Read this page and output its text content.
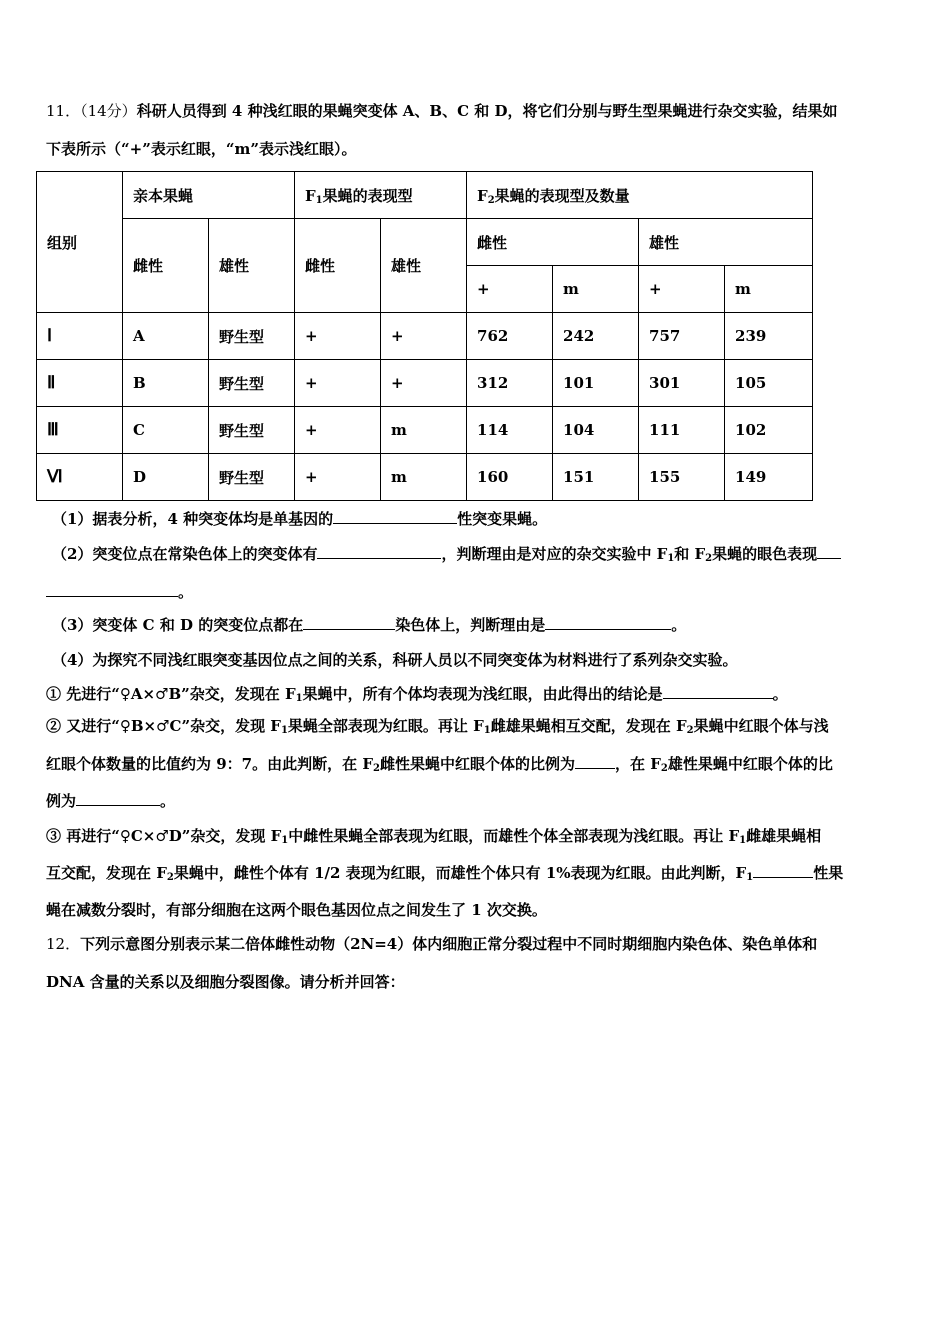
11．（14分）科研人员得到 4 种浅红眼的果蝇突变体 A、B、C 和 D，将它们分别与野生型果蝇进行杂交实验，结果如
下表所示（“+”表示红眼，“m”表示浅红眼）。
组别	亲本果蝇		$F_1$果蝇的表现型		$F_2$果蝇的表现型及数量			
	雌性	雄性	雌性	雄性	雌性		雄性	
					+	m	+	m
Ⅰ	A	野生型	+	+	762	242	757	239
Ⅱ	B	野生型	+	+	312	101	301	105
Ⅲ	C	野生型	+	m	114	104	111	102
Ⅵ	D	野生型	+	m	160	151	155	149
（1）据表分析，4 种突变体均是单基因的	性突变果蝇。
（2）突变位点在常染色体上的突变体有	，判断理由是对应的杂交实验中 $F_1$和 $F_2$果蝇的眼色表现
。
（3）突变体 C 和 D 的突变位点都在	染色体上，判断理由是	。
（4）为探究不同浅红眼突变基因位点之间的关系，科研人员以不同突变体为材料进行了系列杂交实验。
① 先进行“♀A×♂B”杂交，发现在 $F_1$果蝇中，所有个体均表现为浅红眼，由此得出的结论是	。
② 又进行“♀B×♂C”杂交，发现 $F_1$果蝇全部表现为红眼。再让 $F_1$雌雄果蝇相互交配，发现在 $F_2$果蝇中红眼个体与浅
红眼个体数量的比值约为 9：7。由此判断，在 $F_2$雌性果蝇中红眼个体的比例为	，在 $F_2$雄性果蝇中红眼个体的比
例为	。
③ 再进行“♀C×♂D”杂交，发现 $F_1$中雌性果蝇全部表现为红眼，而雄性个体全部表现为浅红眼。再让 $F_1$雌雄果蝇相
互交配，发现在 $F_2$果蝇中，雌性个体有 1/2 表现为红眼，而雄性个体只有 1%表现为红眼。由此判断，$F_1$	性果
蝇在减数分裂时，有部分细胞在这两个眼色基因位点之间发生了 1 次交换。
12．下列示意图分别表示某二倍体雌性动物（2N=4）体内细胞正常分裂过程中不同时期细胞内染色体、染色单体和
DNA 含量的关系以及细胞分裂图像。请分析并回答：
